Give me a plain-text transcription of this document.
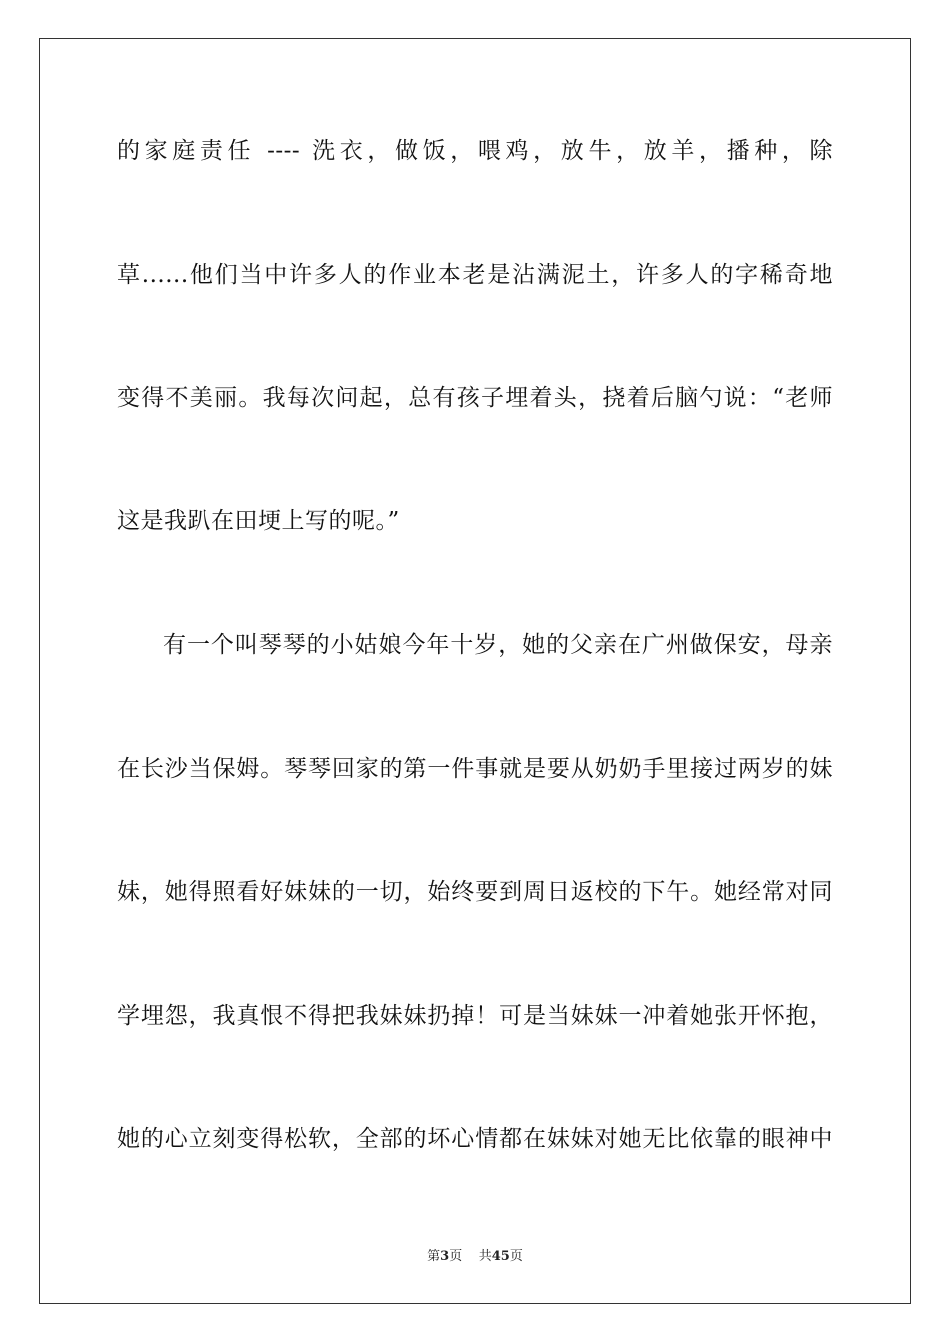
的家庭责任 ---- 洗衣，做饭，喂鸡，放牛，放羊，播种，除
草......他们当中许多人的作业本老是沾满泥土，许多人的字稀奇地
变得不美丽。我每次问起，总有孩子埋着头，挠着后脑勺说：“老师
这是我趴在田埂上写的呢。”
有一个叫琴琴的小姑娘今年十岁，她的父亲在广州做保安，母亲
在长沙当保姆。琴琴回家的第一件事就是要从奶奶手里接过两岁的妹
妹，她得照看好妹妹的一切，始终要到周日返校的下午。她经常对同
学埋怨，我真恨不得把我妹妹扔掉！可是当妹妹一冲着她张开怀抱，
她的心立刻变得松软，全部的坏心情都在妹妹对她无比依靠的眼神中
第3页 共45页
